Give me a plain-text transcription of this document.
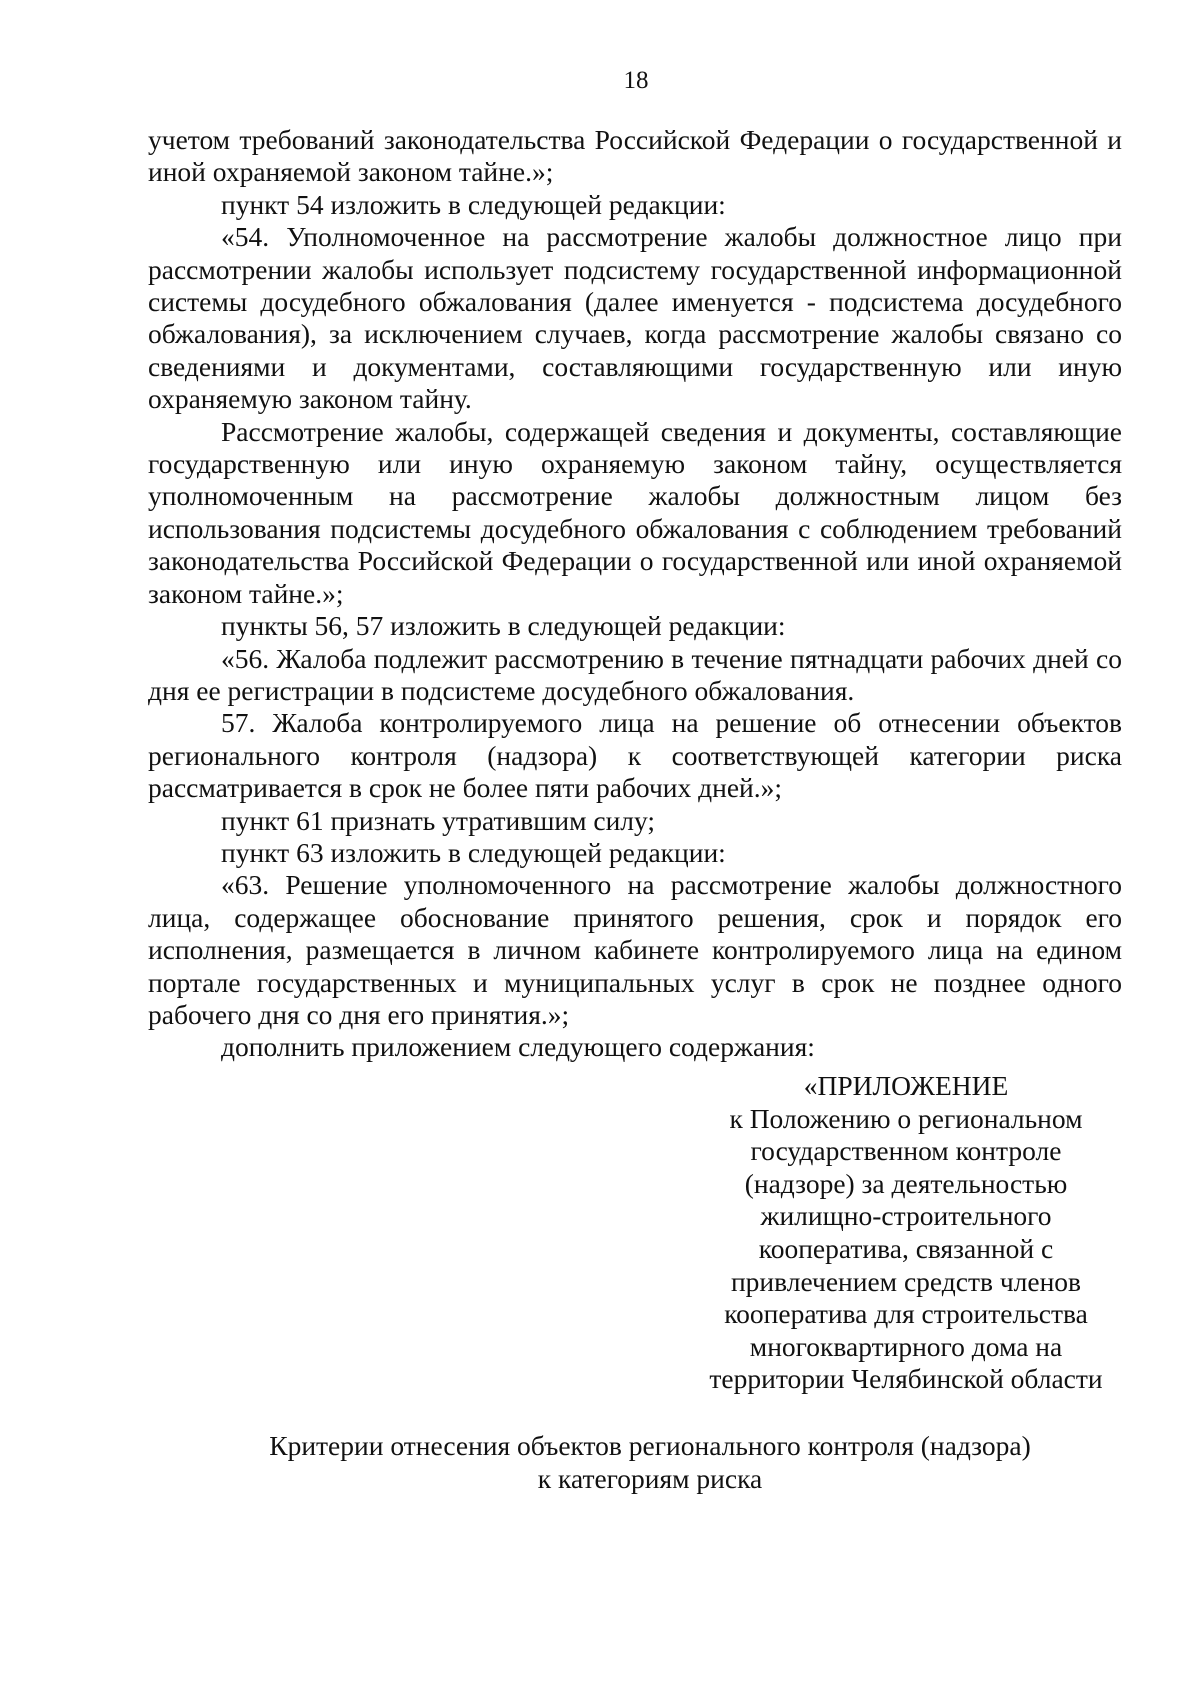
18

учетом требований законодательства Российской Федерации о государственной и иной охраняемой законом тайне.»;

пункт 54 изложить в следующей редакции:

«54. Уполномоченное на рассмотрение жалобы должностное лицо при рассмотрении жалобы использует подсистему государственной информационной системы досудебного обжалования (далее именуется - подсистема досудебного обжалования), за исключением случаев, когда рассмотрение жалобы связано со сведениями и документами, составляющими государственную или иную охраняемую законом тайну.

Рассмотрение жалобы, содержащей сведения и документы, составляющие государственную или иную охраняемую законом тайну, осуществляется уполномоченным на рассмотрение жалобы должностным лицом без использования подсистемы досудебного обжалования с соблюдением требований законодательства Российской Федерации о государственной или иной охраняемой законом тайне.»;

пункты 56, 57 изложить в следующей редакции:

«56. Жалоба подлежит рассмотрению в течение пятнадцати рабочих дней со дня ее регистрации в подсистеме досудебного обжалования.

57. Жалоба контролируемого лица на решение об отнесении объектов регионального контроля (надзора) к соответствующей категории риска рассматривается в срок не более пяти рабочих дней.»;

пункт 61 признать утратившим силу;

пункт 63 изложить в следующей редакции:

«63. Решение уполномоченного на рассмотрение жалобы должностного лица, содержащее обоснование принятого решения, срок и порядок его исполнения, размещается в личном кабинете контролируемого лица на едином портале государственных и муниципальных услуг в срок не позднее одного рабочего дня со дня его принятия.»;

дополнить приложением следующего содержания:

«ПРИЛОЖЕНИЕ
к Положению о региональном
государственном контроле
(надзоре) за деятельностью
жилищно-строительного
кооператива, связанной с
привлечением средств членов
кооператива для строительства
многоквартирного дома на
территории Челябинской области
Критерии отнесения объектов регионального контроля (надзора)
к категориям риска
